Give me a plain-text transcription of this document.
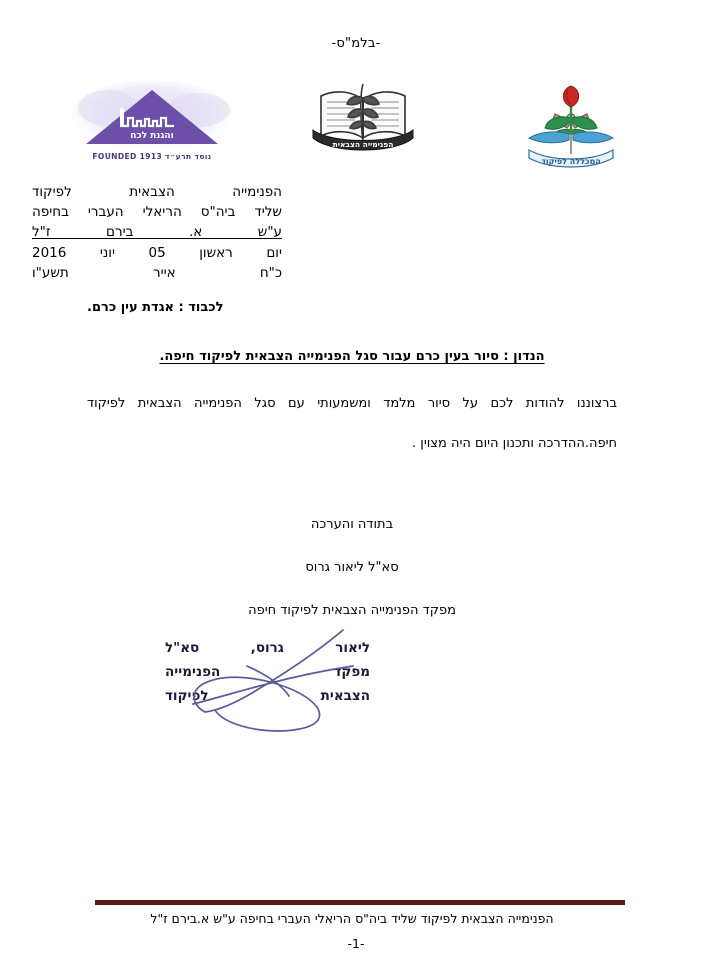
-בלמ"ס-
והגנת לכח
FOUNDED 1913 נוסד תרע״ד
הפנימייה הצבאית
המכללה לפיקוד
הפנימייה הצבאית לפיקוד
שליד ביה"ס הריאלי העברי בחיפה
ע"ש א. בירם ז"ל
יום ראשון 05 יוני 2016
כ"ח אייר תשע"ו
לכבוד : אגדת עין כרם.
הנדון : סיור בעין כרם עבור סגל הפנימייה הצבאית לפיקוד חיפה.
ברצוננו להודות לכם על סיור מלמד ומשמעותי עם סגל הפנימייה הצבאית לפיקוד
חיפה.ההדרכה ותכנון היום היה מצוין .
בתודה והערכה
סא"ל ליאור גרוס
מפקד הפנימייה הצבאית לפיקוד חיפה
ליאור גרוס, סא"ל
מפקד הפנימייה
הצבאית לפיקוד
הפנימייה הצבאית לפיקוד שליד ביה"ס הריאלי העברי בחיפה ע"ש א.בירם ז"ל
-1-
